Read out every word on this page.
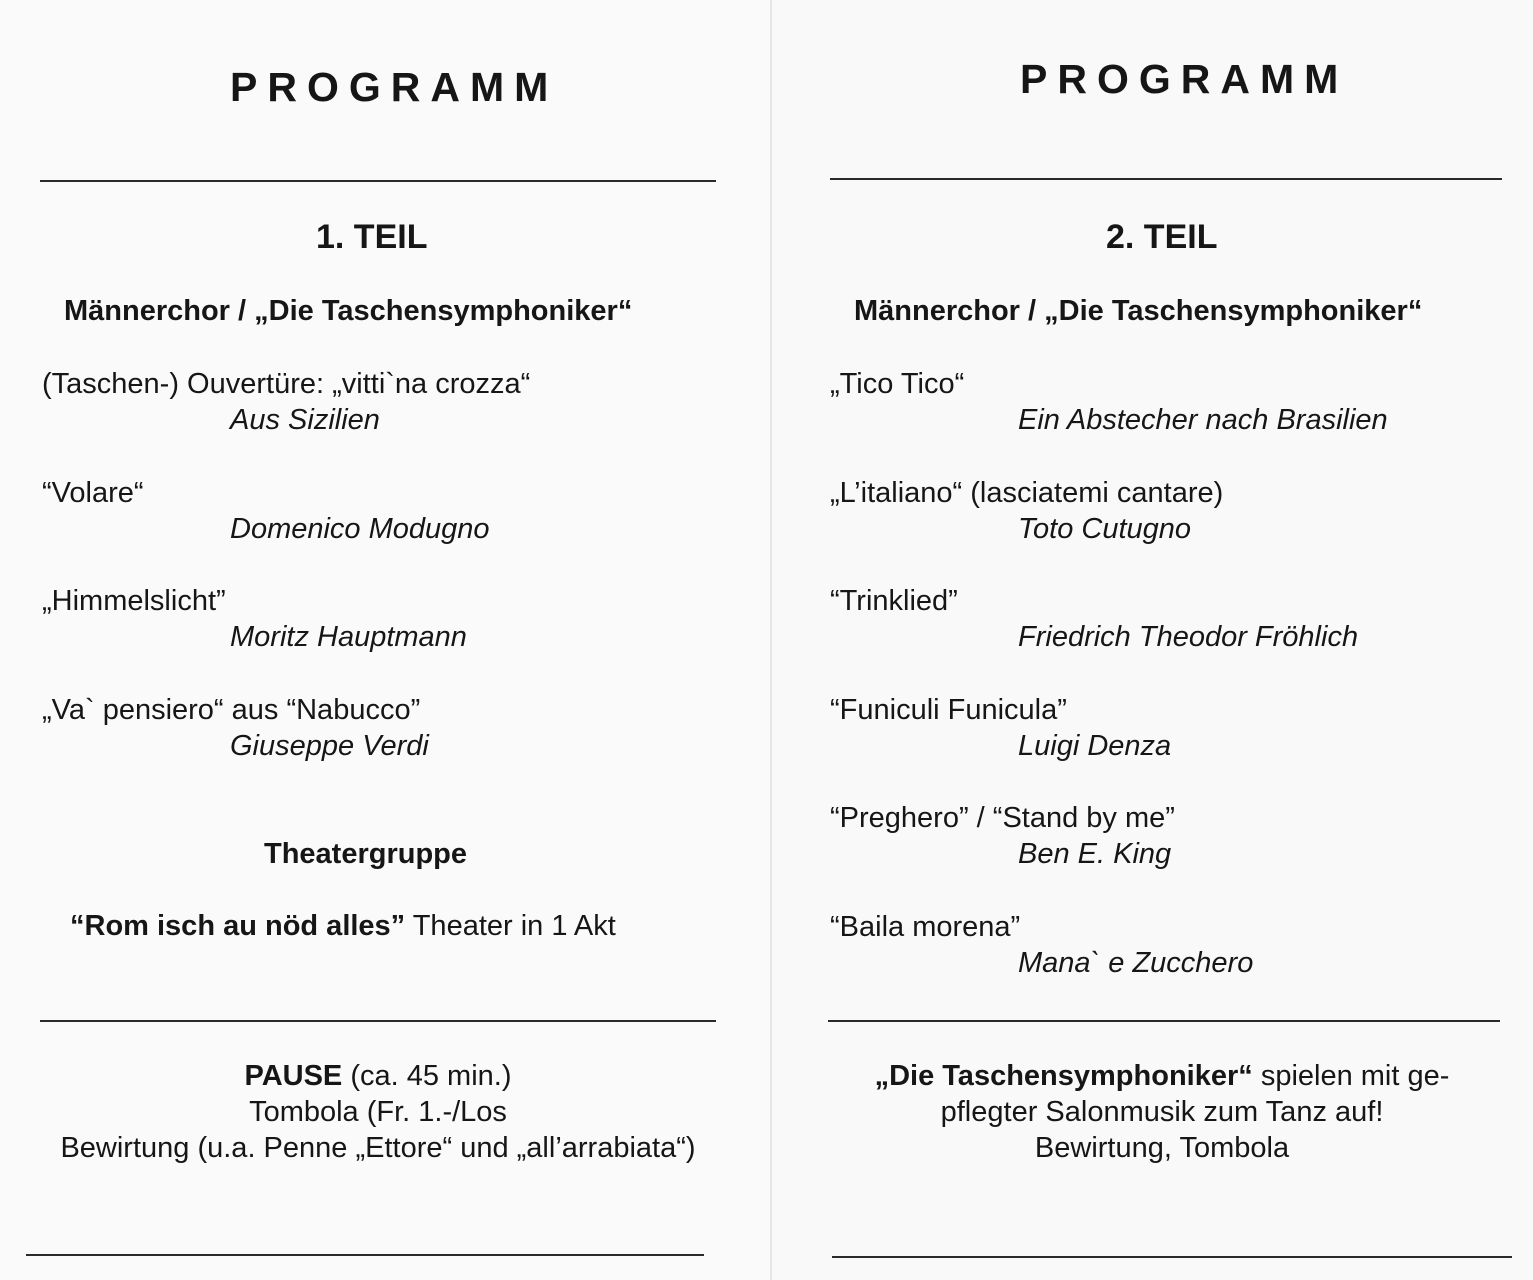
PROGRAMM
1. TEIL
Männerchor / „Die Taschensymphoniker“
(Taschen-) Ouvertüre: „vitti`na crozza“
Aus Sizilien
“Volare“
Domenico Modugno
„Himmelslicht”
Moritz Hauptmann
„Va` pensiero“ aus “Nabucco”
Giuseppe Verdi
Theatergruppe
“Rom isch au nöd alles” Theater in 1 Akt
PAUSE (ca. 45 min.)
Tombola (Fr. 1.-/Los
Bewirtung (u.a. Penne „Ettore“ und „all’arrabiata“)
PROGRAMM
2. TEIL
Männerchor / „Die Taschensymphoniker“
„Tico Tico“
Ein Abstecher nach Brasilien
„L’italiano“ (lasciatemi cantare)
Toto Cutugno
“Trinklied”
Friedrich Theodor Fröhlich
“Funiculi Funicula”
Luigi Denza
“Preghero” / “Stand by me”
Ben E. King
“Baila morena”
Mana` e Zucchero
„Die Taschensymphoniker“ spielen mit ge-
pflegter Salonmusik zum Tanz auf!
Bewirtung, Tombola
